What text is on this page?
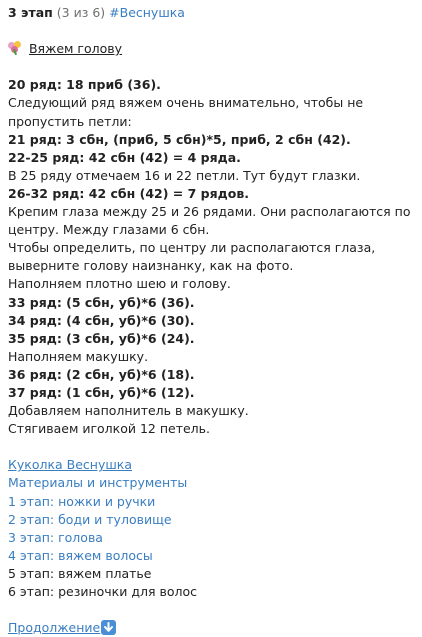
3 этап (3 из 6) #Веснушка
Вяжем голову
20 ряд: 18 приб (36).
Следующий ряд вяжем очень внимательно, чтобы не
пропустить петли:
21 ряд: 3 сбн, (приб, 5 сбн)*5, приб, 2 сбн (42).
22-25 ряд: 42 сбн (42) = 4 ряда.
В 25 ряду отмечаем 16 и 22 петли. Тут будут глазки.
26-32 ряд: 42 сбн (42) = 7 рядов.
Крепим глаза между 25 и 26 рядами. Они располагаются по
центру. Между глазами 6 сбн.
Чтобы определить, по центру ли располагаются глаза,
выверните голову наизнанку, как на фото.
Наполняем плотно шею и голову.
33 ряд: (5 сбн, уб)*6 (36).
34 ряд: (4 сбн, уб)*6 (30).
35 ряд: (3 сбн, уб)*6 (24).
Наполняем макушку.
36 ряд: (2 сбн, уб)*6 (18).
37 ряд: (1 сбн, уб)*6 (12).
Добавляем наполнитель в макушку.
Стягиваем иголкой 12 петель.
Куколка Веснушка
Материалы и инструменты
1 этап: ножки и ручки
2 этап: боди и туловище
3 этап: голова
4 этап: вяжем волосы
5 этап: вяжем платье
6 этап: резиночки для волос
Продолжение
